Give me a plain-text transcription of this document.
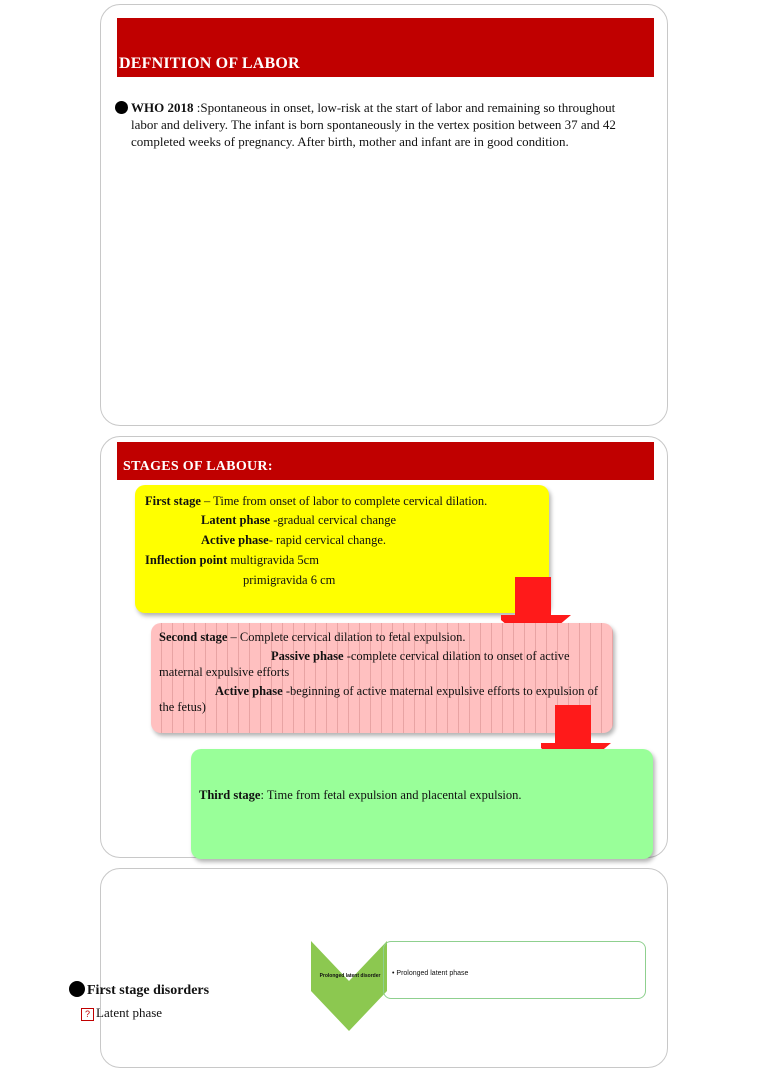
DEFNITION OF LABOR

WHO 2018 :Spontaneous in onset, low-risk at the start of labor and remaining so throughout labor and delivery. The infant is born spontaneously in the vertex position between 37 and 42 completed weeks of pregnancy. After birth, mother and infant are in good condition.

STAGES OF LABOUR:
First stage – Time from onset of labor to complete cervical dilation.
Latent phase -gradual cervical change
Active phase- rapid cervical change.
Inflection point multigravida 5cm
primigravida 6 cm
Second stage – Complete cervical dilation to fetal expulsion.
Passive phase -complete cervical dilation to onset of active maternal expulsive efforts
Active phase -beginning of active maternal expulsive efforts to expulsion of the fetus)
Third stage: Time from fetal expulsion and placental expulsion.
Prolonged latent disorder	• Prolonged latent phase
First stage disorders
? Latent phase
